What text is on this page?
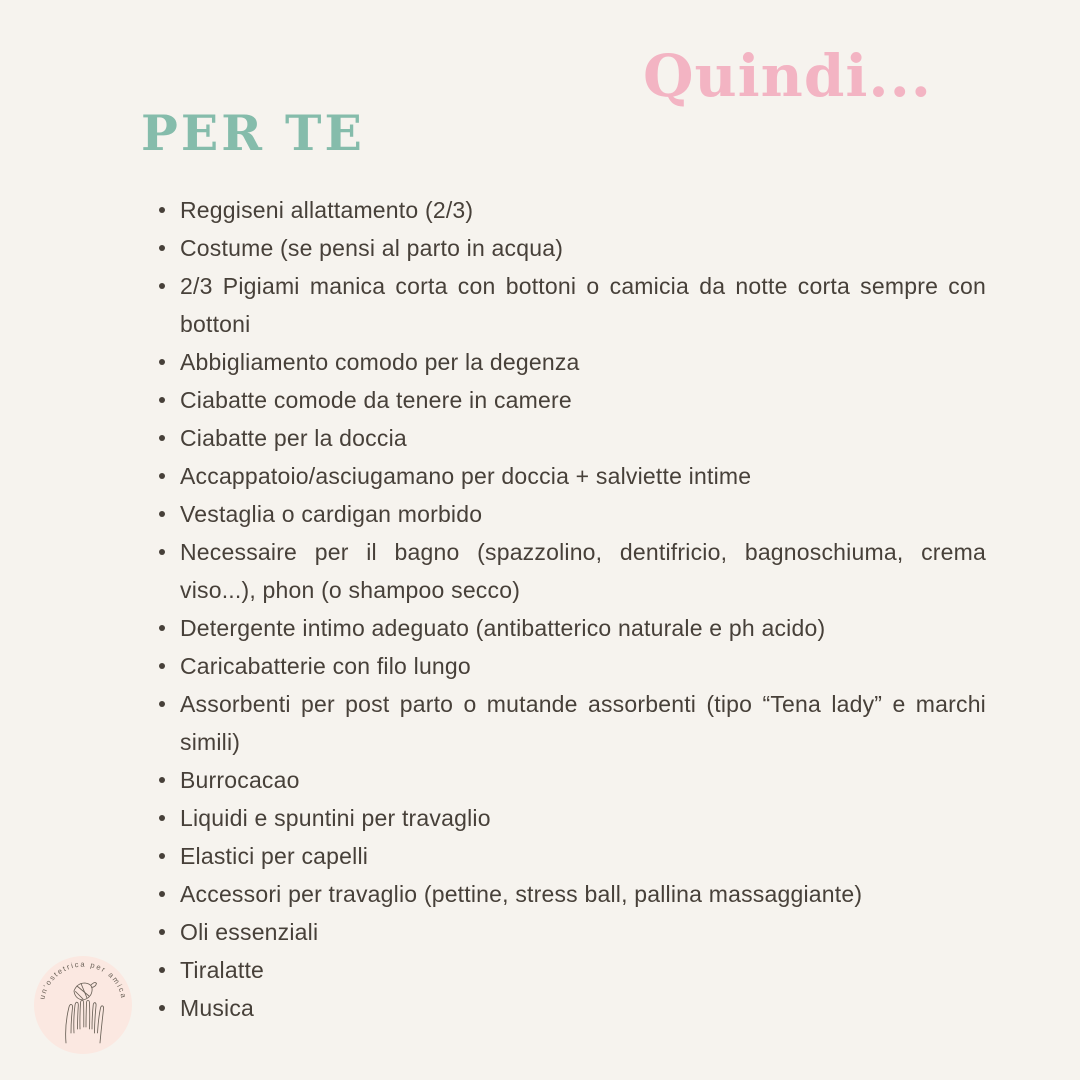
Quindi...
PER TE
Reggiseni allattamento (2/3)
Costume (se pensi al parto in acqua)
2/3 Pigiami manica corta con bottoni o camicia da notte corta sempre con bottoni
Abbigliamento comodo per la degenza
Ciabatte comode da tenere in camere
Ciabatte per la doccia
Accappatoio/asciugamano per doccia + salviette intime
Vestaglia o cardigan morbido
Necessaire per il bagno (spazzolino, dentifricio, bagnoschiuma, crema viso...), phon (o shampoo secco)
Detergente intimo adeguato (antibatterico naturale e ph acido)
Caricabatterie con filo lungo
Assorbenti per post parto o mutande assorbenti (tipo “Tena lady” e marchi simili)
Burrocacao
Liquidi e spuntini per travaglio
Elastici per capelli
Accessori per travaglio (pettine, stress ball, pallina massaggiante)
Oli essenziali
Tiralatte
Musica
un'ostetrica per amica
